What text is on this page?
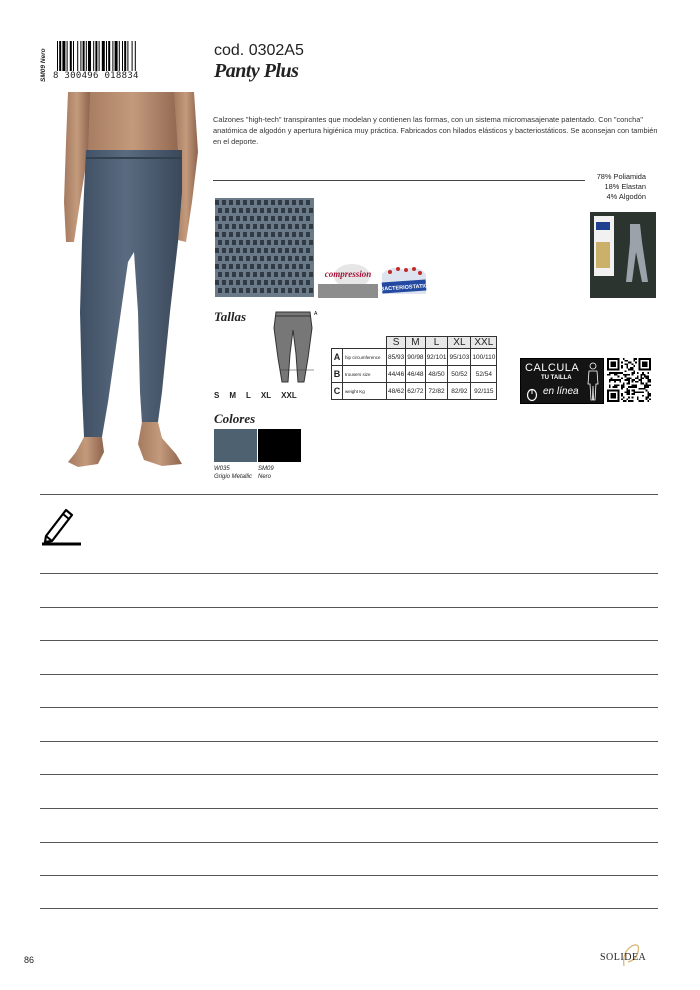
SM09 Nero 8 300496 018834
cod. 0302A5
Panty Plus
Calzones "high-tech" transpirantes que modelan y contienen las formas, con un sistema micromasajenate patentado. Con "concha" anatómica de algodón y apertura higiénica muy práctica. Fabricados con hilados elásticos y bacteriostáticos. Se aconsejan con también en el deporte.
78% Poliamida
18% Elastan
4% Algodón
compression
BACTERIOSTATIC
Tallas	A
S M L XL XXL
		S	M	L	XL	XXL
A	hip circumference	85/93	90/98	92/101	95/103	100/110
B	trousers size	44/46	46/48	48/50	50/52	52/54
C	weight Kg	48/62	62/72	72/82	82/92	92/115
CALCULA
TU TAILLA
en línea
Colores
W035
Grigio Metallic
SM09
Nero
86	SOLIDEA
